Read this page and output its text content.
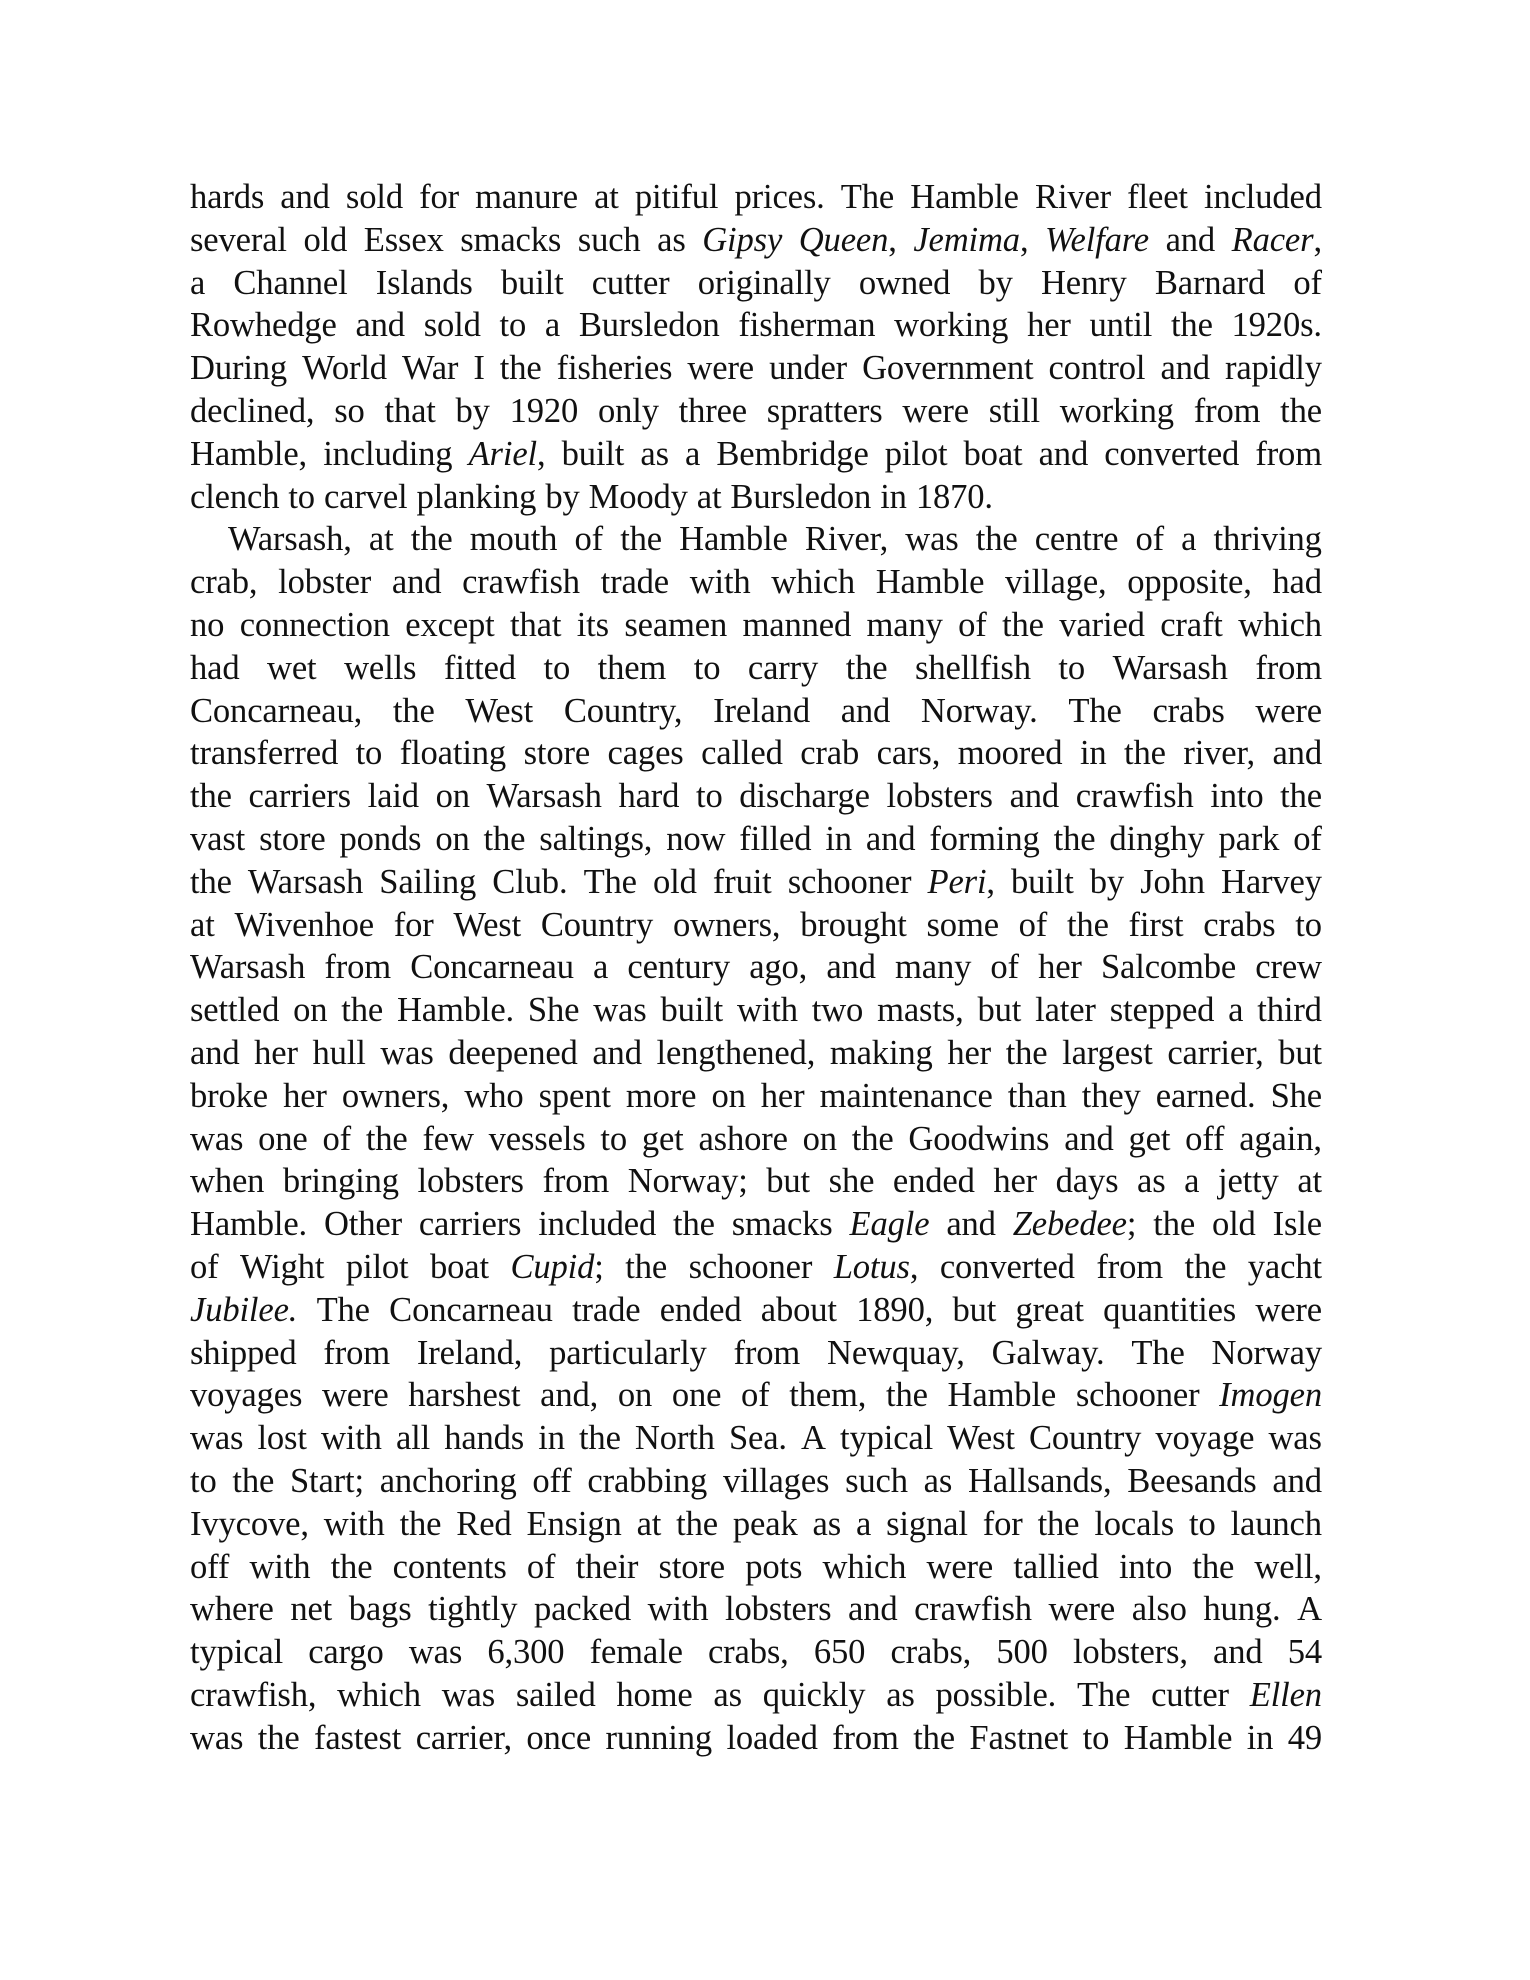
hards and sold for manure at pitiful prices. The Hamble River fleet included
several old Essex smacks such as Gipsy Queen, Jemima, Welfare and Racer,
a Channel Islands built cutter originally owned by Henry Barnard of
Rowhedge and sold to a Bursledon fisherman working her until the 1920s.
During World War I the fisheries were under Government control and rapidly
declined, so that by 1920 only three spratters were still working from the
Hamble, including Ariel, built as a Bembridge pilot boat and converted from
clench to carvel planking by Moody at Bursledon in 1870.
Warsash, at the mouth of the Hamble River, was the centre of a thriving
crab, lobster and crawfish trade with which Hamble village, opposite, had
no connection except that its seamen manned many of the varied craft which
had wet wells fitted to them to carry the shellfish to Warsash from
Concarneau, the West Country, Ireland and Norway. The crabs were
transferred to floating store cages called crab cars, moored in the river, and
the carriers laid on Warsash hard to discharge lobsters and crawfish into the
vast store ponds on the saltings, now filled in and forming the dinghy park of
the Warsash Sailing Club. The old fruit schooner Peri, built by John Harvey
at Wivenhoe for West Country owners, brought some of the first crabs to
Warsash from Concarneau a century ago, and many of her Salcombe crew
settled on the Hamble. She was built with two masts, but later stepped a third
and her hull was deepened and lengthened, making her the largest carrier, but
broke her owners, who spent more on her maintenance than they earned. She
was one of the few vessels to get ashore on the Goodwins and get off again,
when bringing lobsters from Norway; but she ended her days as a jetty at
Hamble. Other carriers included the smacks Eagle and Zebedee; the old Isle
of Wight pilot boat Cupid; the schooner Lotus, converted from the yacht
Jubilee. The Concarneau trade ended about 1890, but great quantities were
shipped from Ireland, particularly from Newquay, Galway. The Norway
voyages were harshest and, on one of them, the Hamble schooner Imogen
was lost with all hands in the North Sea. A typical West Country voyage was
to the Start; anchoring off crabbing villages such as Hallsands, Beesands and
Ivycove, with the Red Ensign at the peak as a signal for the locals to launch
off with the contents of their store pots which were tallied into the well,
where net bags tightly packed with lobsters and crawfish were also hung. A
typical cargo was 6,300 female crabs, 650 crabs, 500 lobsters, and 54
crawfish, which was sailed home as quickly as possible. The cutter Ellen
was the fastest carrier, once running loaded from the Fastnet to Hamble in 49
